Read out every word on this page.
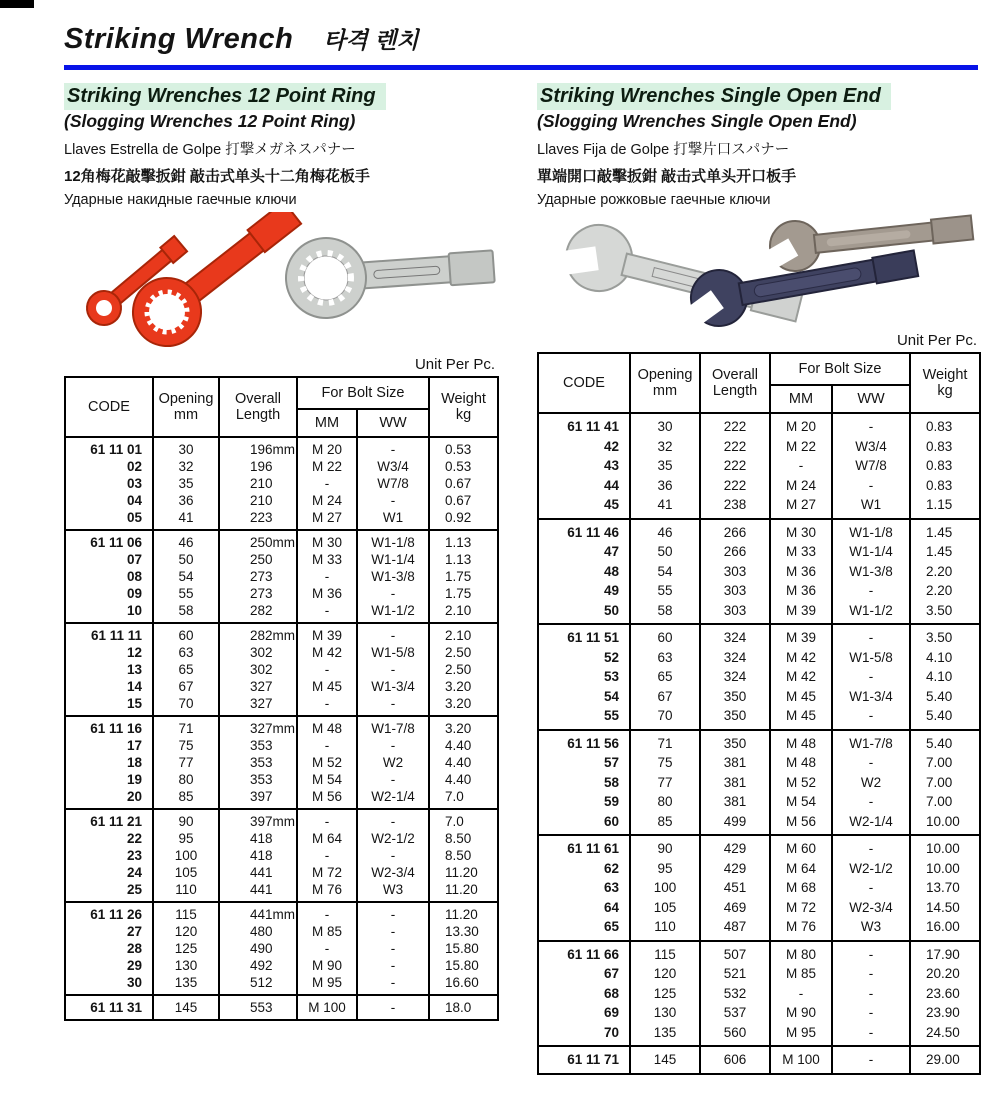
Striking Wrench 타격 렌치
Striking Wrenches 12 Point Ring
(Slogging Wrenches 12 Point Ring)
Llaves Estrella de Golpe 打撃メガネスパナー
12角梅花敲擊扳鉗 敲击式单头十二角梅花板手
Ударные накидные гаечные ключи
Unit Per Pc.
CODE	Opening
mm	Overall
Length	For Bolt Size		Weight
kg
			MM	WW	
61 11 01	30	196mm	M 20	-	0.53
02	32	196	M 22	W3/4	0.53
03	35	210	-	W7/8	0.67
04	36	210	M 24	-	0.67
05	41	223	M 27	W1	0.92
61 11 06	46	250mm	M 30	W1-1/8	1.13
07	50	250	M 33	W1-1/4	1.13
08	54	273	-	W1-3/8	1.75
09	55	273	M 36	-	1.75
10	58	282	-	W1-1/2	2.10
61 11 11	60	282mm	M 39	-	2.10
12	63	302	M 42	W1-5/8	2.50
13	65	302	-	-	2.50
14	67	327	M 45	W1-3/4	3.20
15	70	327	-	-	3.20
61 11 16	71	327mm	M 48	W1-7/8	3.20
17	75	353	-	-	4.40
18	77	353	M 52	W2	4.40
19	80	353	M 54	-	4.40
20	85	397	M 56	W2-1/4	7.0
61 11 21	90	397mm	-	-	7.0
22	95	418	M 64	W2-1/2	8.50
23	100	418	-	-	8.50
24	105	441	M 72	W2-3/4	11.20
25	110	441	M 76	W3	11.20
61 11 26	115	441mm	-	-	11.20
27	120	480	M 85	-	13.30
28	125	490	-	-	15.80
29	130	492	M 90	-	15.80
30	135	512	M 95	-	16.60
61 11 31	145	553	M 100	-	18.0
Striking Wrenches Single Open End
(Slogging Wrenches Single Open End)
Llaves Fija de Golpe 打撃片口スパナー
單端開口敲擊扳鉗 敲击式单头开口板手
Ударные рожковые гаечные ключи
Unit Per Pc.
CODE	Opening
mm	Overall
Length	For Bolt Size		Weight
kg
			MM	WW	
61 11 41	30	222	M 20	-	0.83
42	32	222	M 22	W3/4	0.83
43	35	222	-	W7/8	0.83
44	36	222	M 24	-	0.83
45	41	238	M 27	W1	1.15
61 11 46	46	266	M 30	W1-1/8	1.45
47	50	266	M 33	W1-1/4	1.45
48	54	303	M 36	W1-3/8	2.20
49	55	303	M 36	-	2.20
50	58	303	M 39	W1-1/2	3.50
61 11 51	60	324	M 39	-	3.50
52	63	324	M 42	W1-5/8	4.10
53	65	324	M 42	-	4.10
54	67	350	M 45	W1-3/4	5.40
55	70	350	M 45	-	5.40
61 11 56	71	350	M 48	W1-7/8	5.40
57	75	381	M 48	-	7.00
58	77	381	M 52	W2	7.00
59	80	381	M 54	-	7.00
60	85	499	M 56	W2-1/4	10.00
61 11 61	90	429	M 60	-	10.00
62	95	429	M 64	W2-1/2	10.00
63	100	451	M 68	-	13.70
64	105	469	M 72	W2-3/4	14.50
65	110	487	M 76	W3	16.00
61 11 66	115	507	M 80	-	17.90
67	120	521	M 85	-	20.20
68	125	532	-	-	23.60
69	130	537	M 90	-	23.90
70	135	560	M 95	-	24.50
61 11 71	145	606	M 100	-	29.00
